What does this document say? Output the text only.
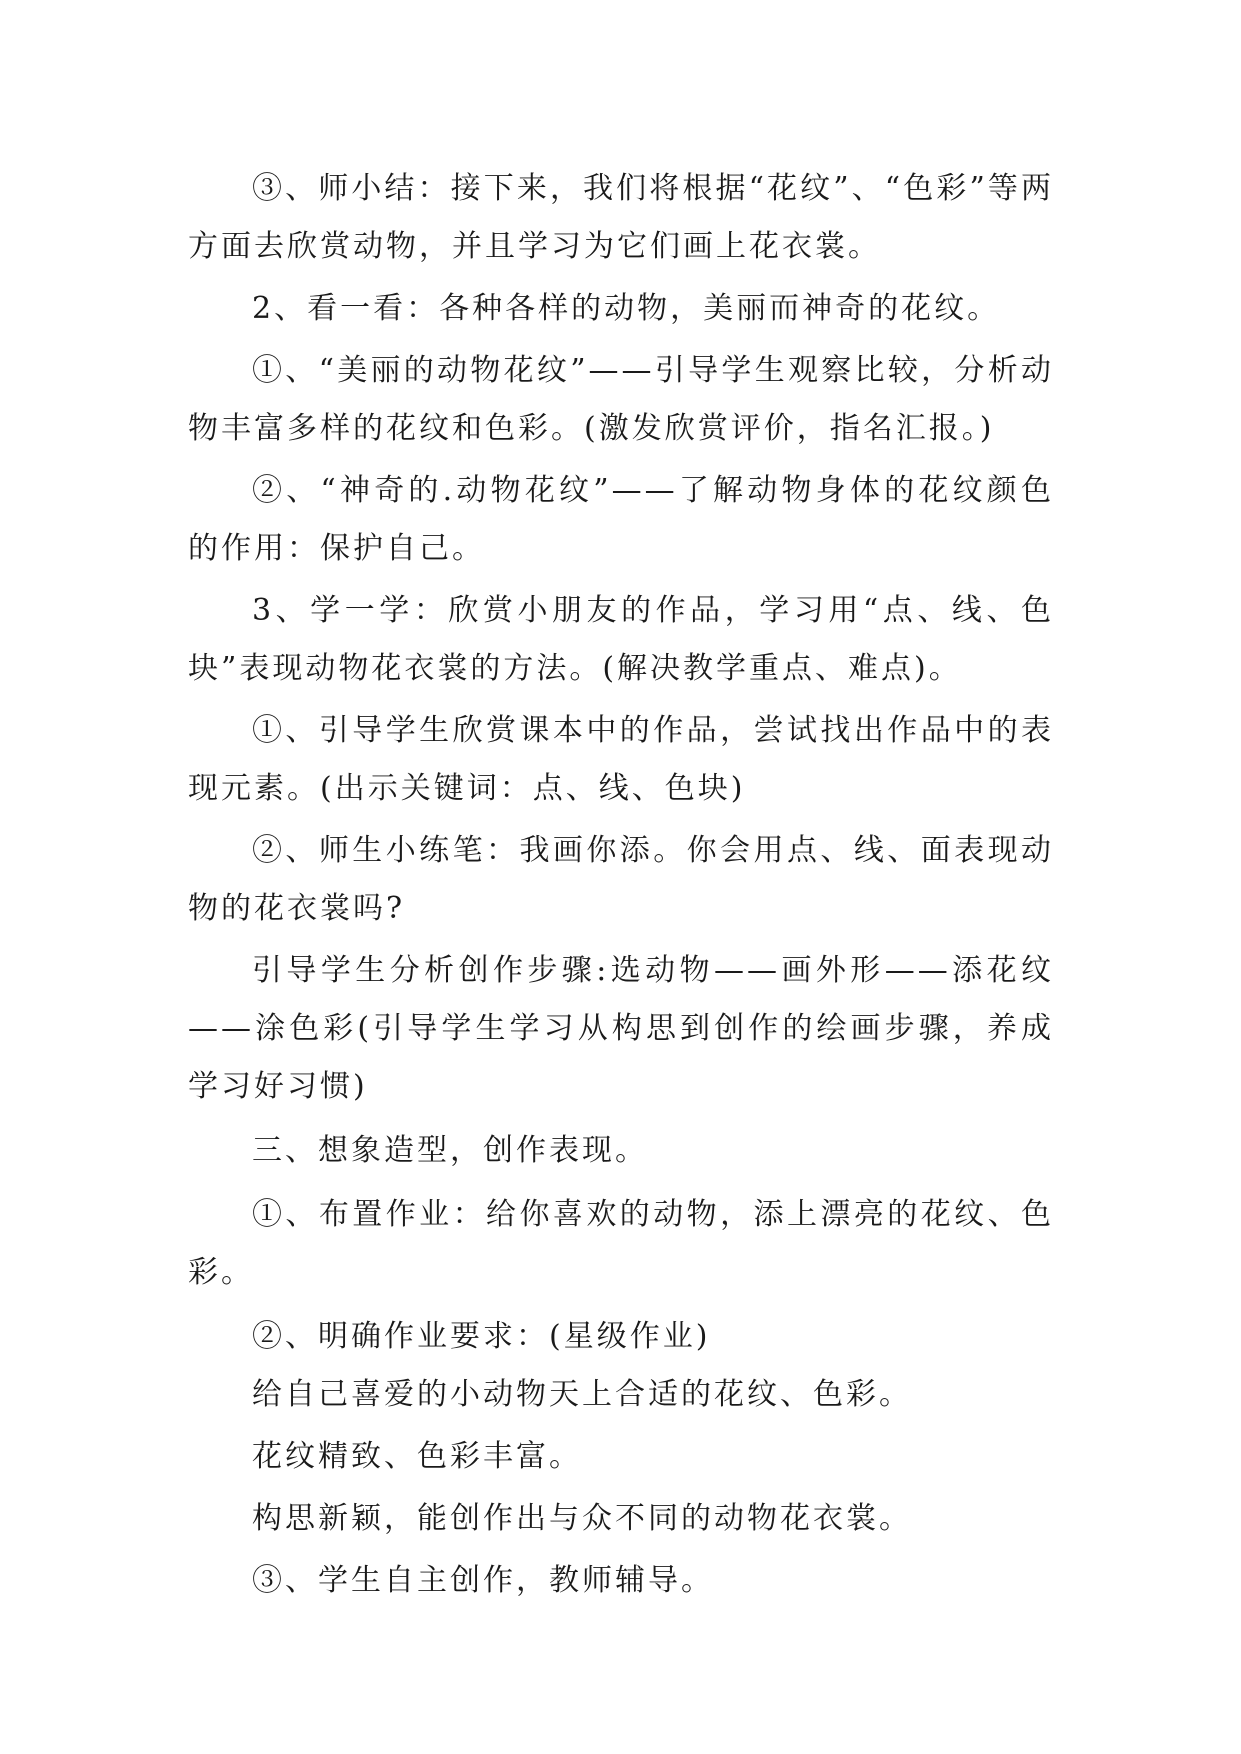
③、师小结：接下来，我们将根据“花纹”、“色彩”等两方面去欣赏动物，并且学习为它们画上花衣裳。

2、看一看：各种各样的动物，美丽而神奇的花纹。

①、“美丽的动物花纹”——引导学生观察比较，分析动物丰富多样的花纹和色彩。(激发欣赏评价，指名汇报。)

②、“神奇的.动物花纹”——了解动物身体的花纹颜色的作用：保护自己。

3、学一学：欣赏小朋友的作品，学习用“点、线、色块”表现动物花衣裳的方法。(解决教学重点、难点)。

①、引导学生欣赏课本中的作品，尝试找出作品中的表现元素。(出示关键词：点、线、色块)

②、师生小练笔：我画你添。你会用点、线、面表现动物的花衣裳吗?

引导学生分析创作步骤:选动物——画外形——添花纹——涂色彩(引导学生学习从构思到创作的绘画步骤，养成学习好习惯)

三、想象造型，创作表现。

①、布置作业：给你喜欢的动物，添上漂亮的花纹、色彩。

②、明确作业要求：(星级作业)

给自己喜爱的小动物天上合适的花纹、色彩。

花纹精致、色彩丰富。

构思新颖，能创作出与众不同的动物花衣裳。

③、学生自主创作，教师辅导。
